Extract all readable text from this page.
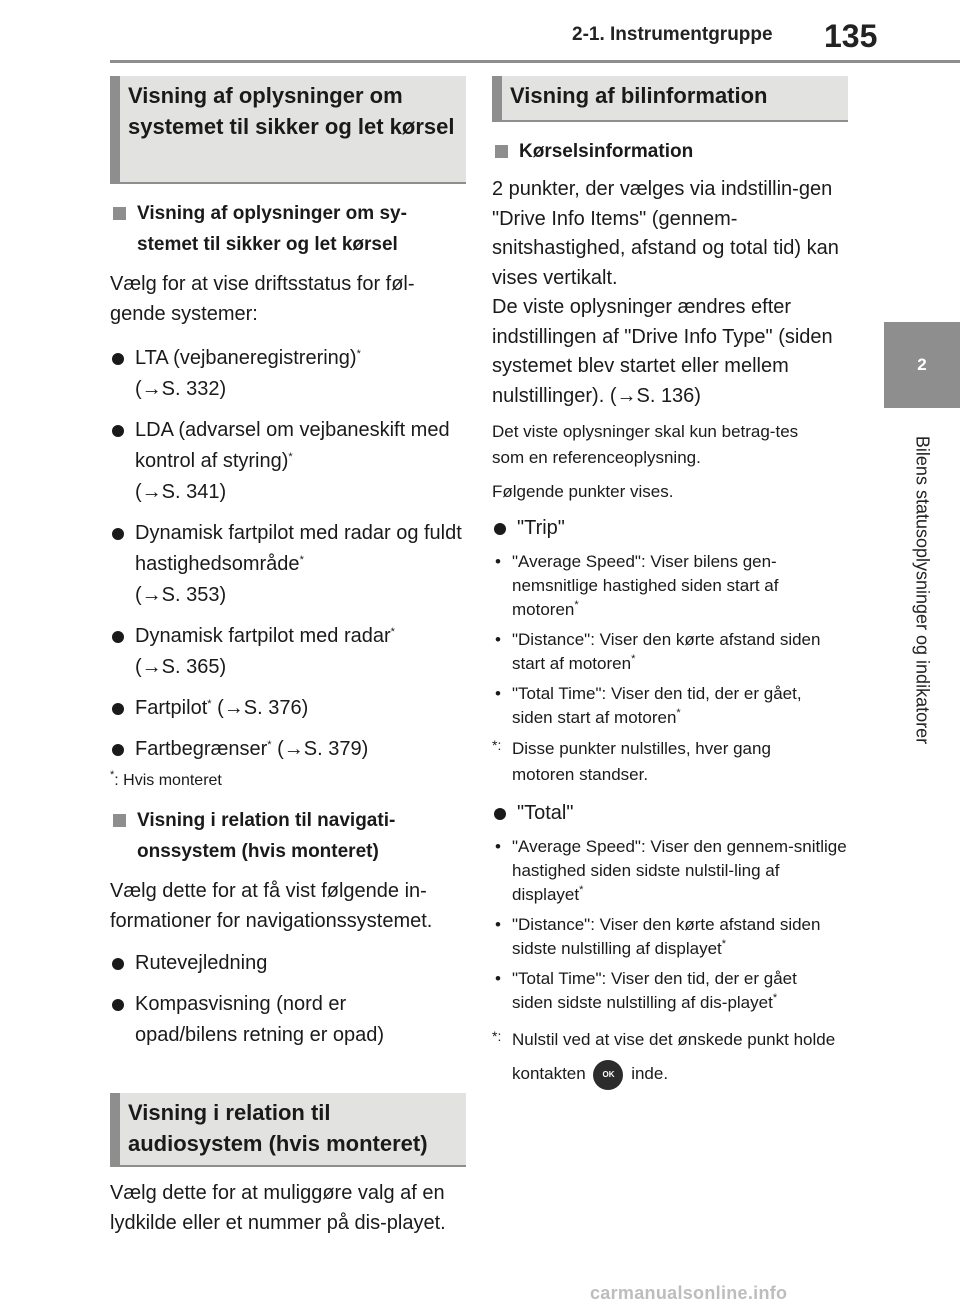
2-1. Instrumentgruppe 135
2
Bilens statusoplysninger og indikatorer
Visning af oplysninger om systemet til sikker og let kørsel
Visning af oplysninger om sy-stemet til sikker og let kørsel
Vælg for at vise driftsstatus for føl-gende systemer:
LTA (vejbaneregistrering)*
(→S. 332)
LDA (advarsel om vejbaneskift med kontrol af styring)*
(→S. 341)
Dynamisk fartpilot med radar og fuldt hastighedsområde*
(→S. 353)
Dynamisk fartpilot med radar*
(→S. 365)
Fartpilot* (→S. 376)
Fartbegrænser* (→S. 379)
*: Hvis monteret
Visning i relation til navigati-onssystem (hvis monteret)
Vælg dette for at få vist følgende in-formationer for navigationssystemet.
Rutevejledning
Kompasvisning (nord er opad/bilens retning er opad)
Visning i relation til audiosystem (hvis monteret)
Vælg dette for at muliggøre valg af en lydkilde eller et nummer på dis-playet.
Visning af bilinformation
Kørselsinformation
2 punkter, der vælges via indstillin-gen "Drive Info Items" (gennem-snitshastighed, afstand og total tid) kan vises vertikalt.
De viste oplysninger ændres efter indstillingen af "Drive Info Type" (siden systemet blev startet eller mellem nulstillinger). (→S. 136)
Det viste oplysninger skal kun betrag-tes som en referenceoplysning.
Følgende punkter vises.
"Trip"
• "Average Speed": Viser bilens gen-nemsnitlige hastighed siden start af motoren*
• "Distance": Viser den kørte afstand siden start af motoren*
• "Total Time": Viser den tid, der er gået, siden start af motoren*
*: Disse punkter nulstilles, hver gang motoren standser.
"Total"
• "Average Speed": Viser den gennem-snitlige hastighed siden sidste nulstil-ling af displayet*
• "Distance": Viser den kørte afstand siden sidste nulstilling af displayet*
• "Total Time": Viser den tid, der er gået siden sidste nulstilling af dis-playet*
*: Nulstil ved at vise det ønskede punkt holde kontakten OK inde.
carmanualsonline.info
